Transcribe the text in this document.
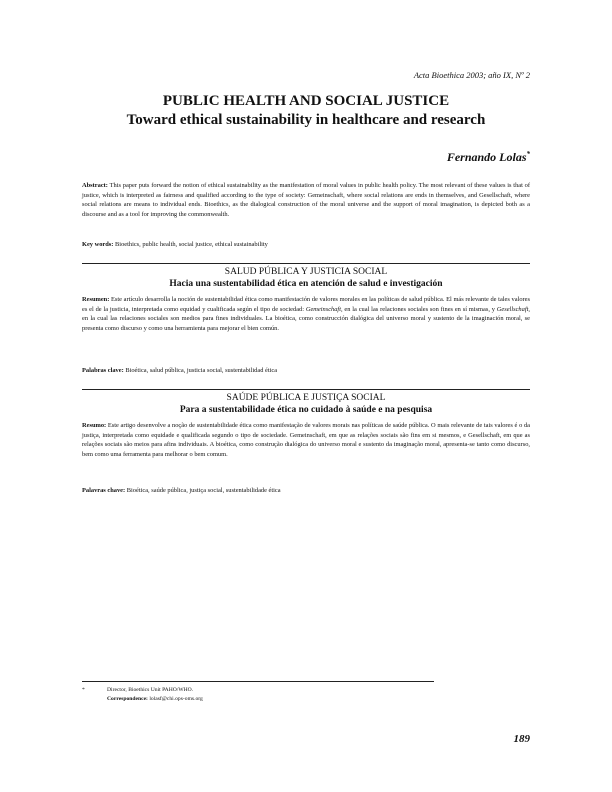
Acta Bioethica 2003; año IX, Nº 2
PUBLIC HEALTH AND SOCIAL JUSTICE
Toward ethical sustainability in healthcare and research
Fernando Lolas*
Abstract: This paper puts forward the notion of ethical sustainability as the manifestation of moral values in public health policy. The most relevant of these values is that of justice, which is interpreted as fairness and qualified according to the type of society: Gemeinschaft, where social relations are ends in themselves, and Gesellschaft, where social relations are means to individual ends. Bioethics, as the dialogical construction of the moral universe and the support of moral imagination, is depicted both as a discourse and as a tool for improving the commonwealth.
Key words: Bioethics, public health, social justice, ethical sustainability
SALUD PÚBLICA Y JUSTICIA SOCIAL
Hacia una sustentabilidad ética en atención de salud e investigación
Resumen: Este artículo desarrolla la noción de sustentabilidad ética como manifestación de valores morales en las políticas de salud pública. El más relevante de tales valores es el de la justicia, interpretada como equidad y cualificada según el tipo de sociedad: Gemeinschaft, en la cual las relaciones sociales son fines en sí mismas, y Gesellschaft, en la cual las relaciones sociales son medios para fines individuales. La bioética, como construcción dialógica del universo moral y sustento de la imaginación moral, se presenta como discurso y como una herramienta para mejorar el bien común.
Palabras clave: Bioética, salud pública, justicia social, sustentabilidad ética
SAÚDE PÚBLICA E JUSTIÇA SOCIAL
Para a sustentabilidade ética no cuidado à saúde e na pesquisa
Resumo: Este artigo desenvolve a noção de sustentabilidade ética como manifestação de valores morais nas políticas de saúde pública. O mais relevante de tais valores é o da justiça, interpretada como equidade e qualificada segundo o tipo de sociedade. Gemeinschaft, em que as relações sociais são fins em si mesmos, e Gesellschaft, em que as relações sociais são meios para afins individuais. A bioética, como construção dialógica do universo moral e sustento da imaginação moral, apresenta-se tanto como discurso, bem como uma ferramenta para melhorar o bem comum.
Palavras chave: Bioética, saúde pública, justiça social, sustentabilidade ética
*	Director, Bioethics Unit PAHO/WHO.
Correspondence: lolasf@chi.ops-oms.org
189
